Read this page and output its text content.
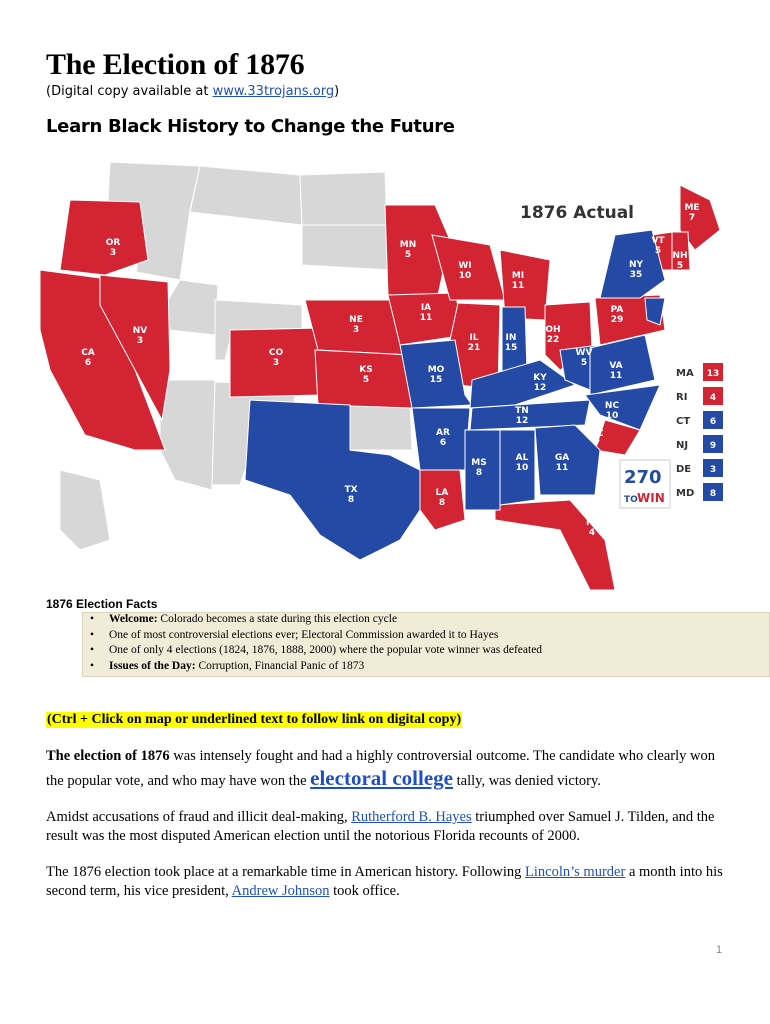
The Election of 1876
(Digital copy available at www.33trojans.org)
Learn Black History to Change the Future
1876 Actual
OR
3
CA
6
NV
3
CO
3
NE
3
KS
5
MN
5
IA
11
WI
10
IL
21
MI
11
OH
22
PA
29
SC
7
LA
8
FL
4
ME
7
VT
5 NH
5
TX
8
MO
15
AR
6
IN
15
KY
12
TN
12
MS
8
AL
10
GA
11
WV
5 VA
11
NC
10
NY
35
MA 13
RI 4
CT 6
NJ 9
DE 3
MD 8
270
TO WIN
1876 Election Facts
• Welcome: Colorado becomes a state during this election cycle
• One of most controversial elections ever; Electoral Commission awarded it to Hayes
• One of only 4 elections (1824, 1876, 1888, 2000) where the popular vote winner was defeated
• Issues of the Day: Corruption, Financial Panic of 1873
(Ctrl + Click on map or underlined text to follow link on digital copy)

The election of 1876 was intensely fought and had a highly controversial outcome. The candidate who clearly won the popular vote, and who may have won the electoral college tally, was denied victory.

Amidst accusations of fraud and illicit deal-making, Rutherford B. Hayes triumphed over Samuel J. Tilden, and the result was the most disputed American election until the notorious Florida recounts of 2000.

The 1876 election took place at a remarkable time in American history. Following Lincoln’s murder a month into his second term, his vice president, Andrew Johnson took office.

1
